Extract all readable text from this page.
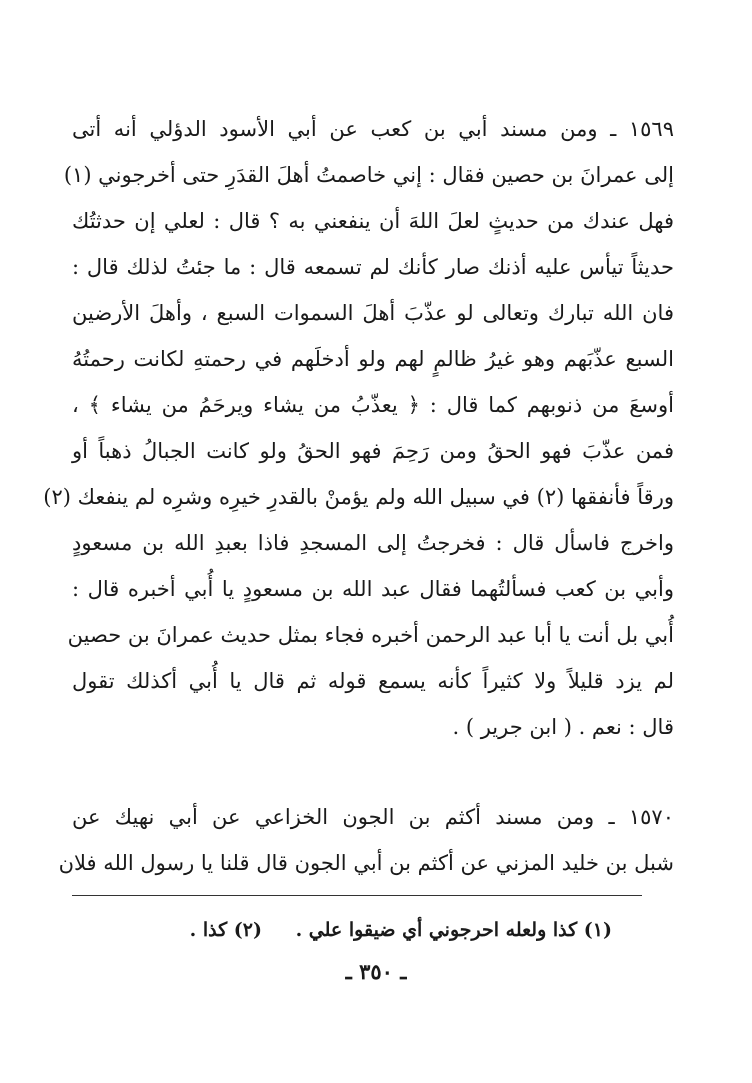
١٥٦٩ ـ ومن مسند أبي بن كعب عن أبي الأسود الدؤلي أنه أتى
إلى عمرانَ بن حصين فقال : إني خاصمتُ أهلَ القدَرِ حتى أخرجوني (١)
فهل عندك من حديثٍ لعلَ اللهَ أن ينفعني به ؟ قال : لعلي إن حدثتُك
حديثاً تيأس عليه أذنك صار كأنك لم تسمعه قال : ما جئتُ لذلك قال :
فان الله تبارك وتعالى لو عذّبَ أهلَ السموات السبع ، وأهلَ الأرضين
السبع عذّبَهم وهو غيرُ ظالمٍ لهم ولو أدخلَهم في رحمتهِ لكانت رحمتُهُ
أوسعَ من ذنوبهم كما قال : ﴿ يعذّبُ من يشاء ويرحَمُ من يشاء ﴾ ،
فمن عذّبَ فهو الحقُ ومن رَحِمَ فهو الحقُ ولو كانت الجبالُ ذهباً أو
ورقاً فأنفقها (٢) في سبيل الله ولم يؤمنْ بالقدرِ خيرِه وشرِه لم ينفعك (٢)
واخرج فاسأل قال : فخرجتُ إلى المسجدِ فاذا بعبدِ الله بن مسعودٍ
وأبي بن كعب فسألتُهما فقال عبد الله بن مسعودٍ يا أُبي أخبره قال :
أُبي بل أنت يا أبا عبد الرحمن أخبره فجاء بمثل حديث عمرانَ بن حصين
لم يزد قليلاً ولا كثيراً كأنه يسمع قوله ثم قال يا أُبي أكذلك تقول
قال : نعم . ( ابن جرير ) .
١٥٧٠ ـ ومن مسند أكثم بن الجون الخزاعي عن أبي نهيك عن
شبل بن خليد المزني عن أكثم بن أبي الجون قال قلنا يا رسول الله فلان
(١) كذا ولعله احرجوني أي ضيقوا علي .
(٢) كذا .
ـ ٣٥٠ ـ
